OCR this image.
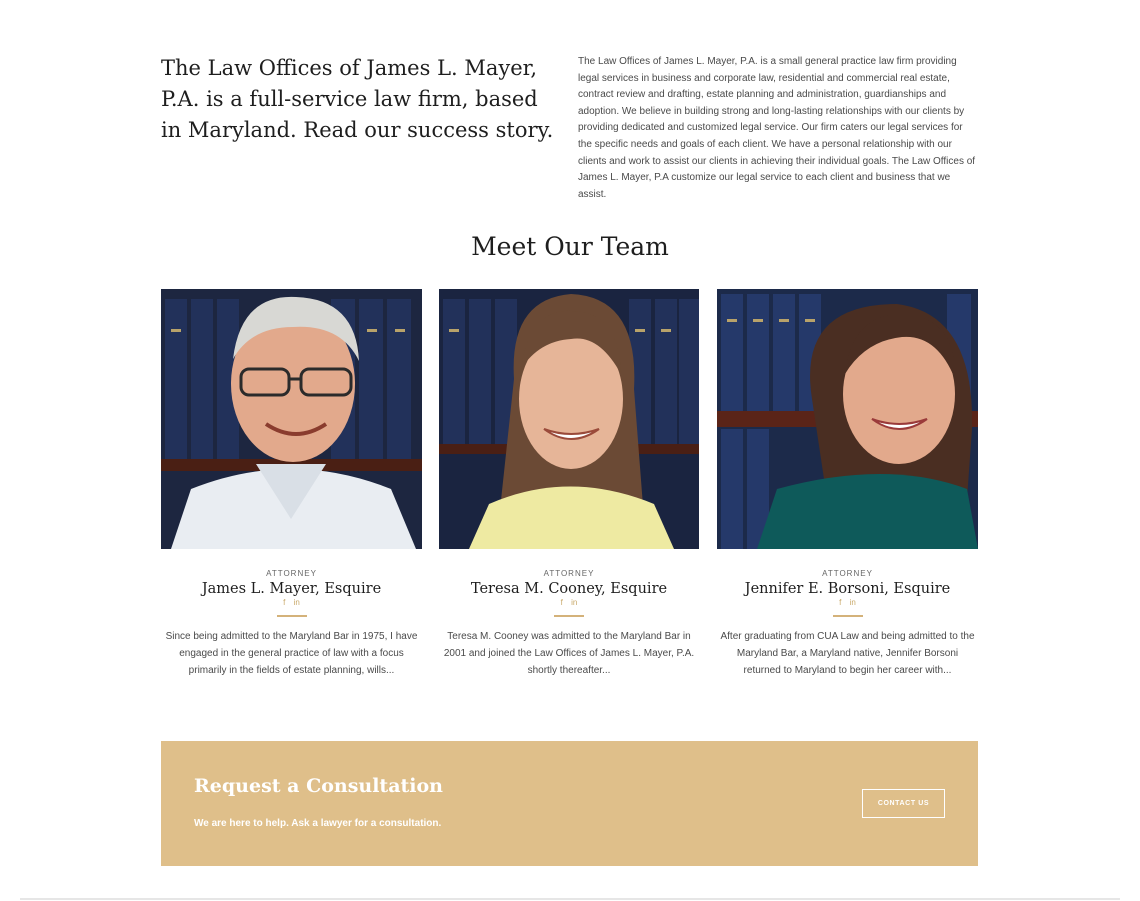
The Law Offices of James L. Mayer, P.A. is a full-service law firm, based in Maryland. Read our success story.

The Law Offices of James L. Mayer, P.A. is a small general practice law firm providing legal services in business and corporate law, residential and commercial real estate, contract review and drafting, estate planning and administration, guardianships and adoption. We believe in building strong and long-lasting relationships with our clients by providing dedicated and customized legal service. Our firm caters our legal services for the specific needs and goals of each client. We have a personal relationship with our clients and work to assist our clients in achieving their individual goals. The Law Offices of James L. Mayer, P.A customize our legal service to each client and business that we assist.

Meet Our Team
ATTORNEY
James L. Mayer, Esquire
f in

Since being admitted to the Maryland Bar in 1975, I have engaged in the general practice of law with a focus primarily in the fields of estate planning, wills...

ATTORNEY
Teresa M. Cooney, Esquire
f in

Teresa M. Cooney was admitted to the Maryland Bar in 2001 and joined the Law Offices of James L. Mayer, P.A. shortly thereafter...

ATTORNEY
Jennifer E. Borsoni, Esquire
f in

After graduating from CUA Law and being admitted to the Maryland Bar, a Maryland native, Jennifer Borsoni returned to Maryland to begin her career with...

Request a Consultation

We are here to help. Ask a lawyer for a consultation.

CONTACT US
